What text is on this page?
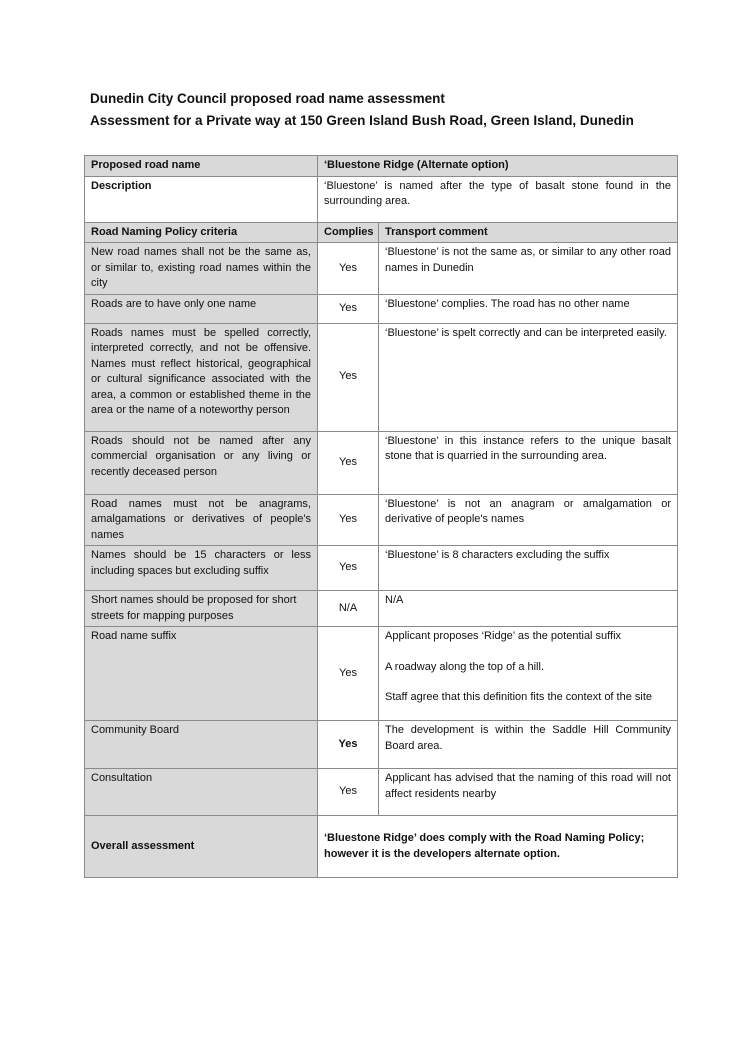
Dunedin City Council proposed road name assessment
Assessment for a Private way at 150 Green Island Bush Road, Green Island, Dunedin
Proposed road name	‘Bluestone Ridge (Alternate option)	
Description	‘Bluestone’ is named after the type of basalt stone found in the surrounding area.	
Road Naming Policy criteria	Complies	Transport comment
New road names shall not be the same as, or similar to, existing road names within the city	Yes	‘Bluestone’ is not the same as, or similar to any other road names in Dunedin
Roads are to have only one name	Yes	‘Bluestone’ complies. The road has no other name
Roads names must be spelled correctly, interpreted correctly, and not be offensive. Names must reflect historical, geographical or cultural significance associated with the area, a common or established theme in the area or the name of a noteworthy person	Yes	‘Bluestone’ is spelt correctly and can be interpreted easily.
Roads should not be named after any commercial organisation or any living or recently deceased person	Yes	‘Bluestone’ in this instance refers to the unique basalt stone that is quarried in the surrounding area.
Road names must not be anagrams, amalgamations or derivatives of people's names	Yes	‘Bluestone’ is not an anagram or amalgamation or derivative of people's names
Names should be 15 characters or less including spaces but excluding suffix	Yes	‘Bluestone’ is 8 characters excluding the suffix
Short names should be proposed for short streets for mapping purposes	N/A	N/A
Road name suffix	Yes	Applicant proposes ‘Ridge’ as the potential suffix
A roadway along the top of a hill.
Staff agree that this definition fits the context of the site

Community Board	Yes	The development is within the Saddle Hill Community Board area.
Consultation	Yes	Applicant has advised that the naming of this road will not affect residents nearby
Overall assessment	‘Bluestone Ridge’ does comply with the Road Naming Policy; however it is the developers alternate option.	
